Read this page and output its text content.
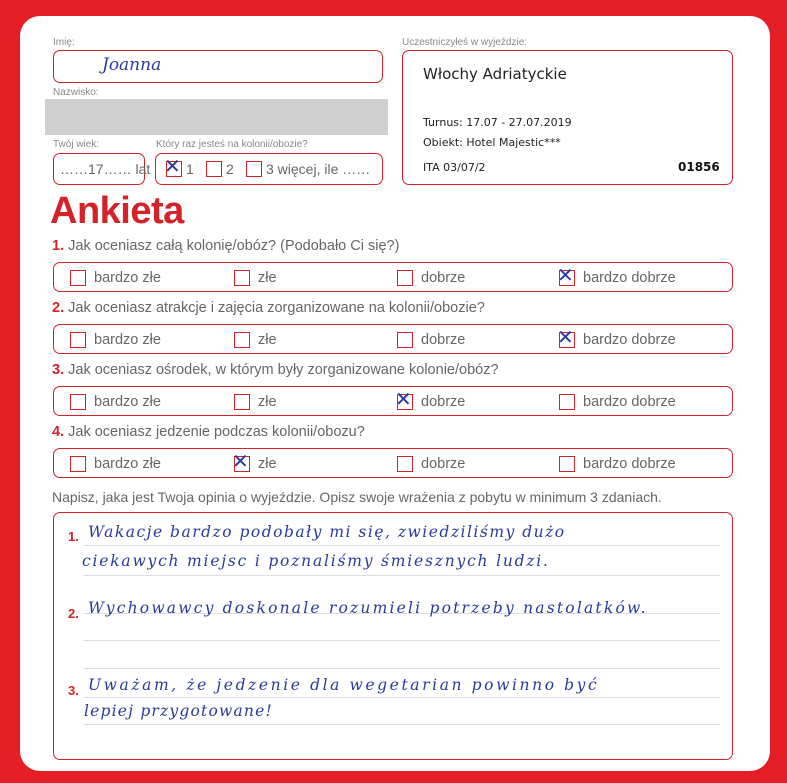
Imię:
Joanna
Nazwisko:
Twój wiek:
……17…… lat
Który raz jesteś na kolonii/obozie?
✕ 1 2 3 więcej, ile ……
Uczestniczyłeś w wyjeździe:
Włochy Adriatyckie
Turnus: 17.07 - 27.07.2019
Obiekt: Hotel Majestic***
ITA 03/07/2	01856
Ankieta
1. Jak oceniasz całą kolonię/obóz? (Podobało Ci się?)
bardzo złe	złe	dobrze	✕ bardzo dobrze
2. Jak oceniasz atrakcje i zajęcia zorganizowane na kolonii/obozie?
bardzo złe	złe	dobrze	✕ bardzo dobrze
3. Jak oceniasz ośrodek, w którym były zorganizowane kolonie/obóz?
bardzo złe	złe	✕ dobrze	bardzo dobrze
4. Jak oceniasz jedzenie podczas kolonii/obozu?
bardzo złe	✕ złe	dobrze	bardzo dobrze
Napisz, jaka jest Twoja opinia o wyjeździe. Opisz swoje wrażenia z pobytu w minimum 3 zdaniach.
1. Wakacje bardzo podobały mi się, zwiedziliśmy dużo
ciekawych miejsc i poznaliśmy śmiesznych ludzi.
2. Wychowawcy doskonale rozumieli potrzeby nastolatków.
3. Uważam, że jedzenie dla wegetarian powinno być
lepiej przygotowane!
